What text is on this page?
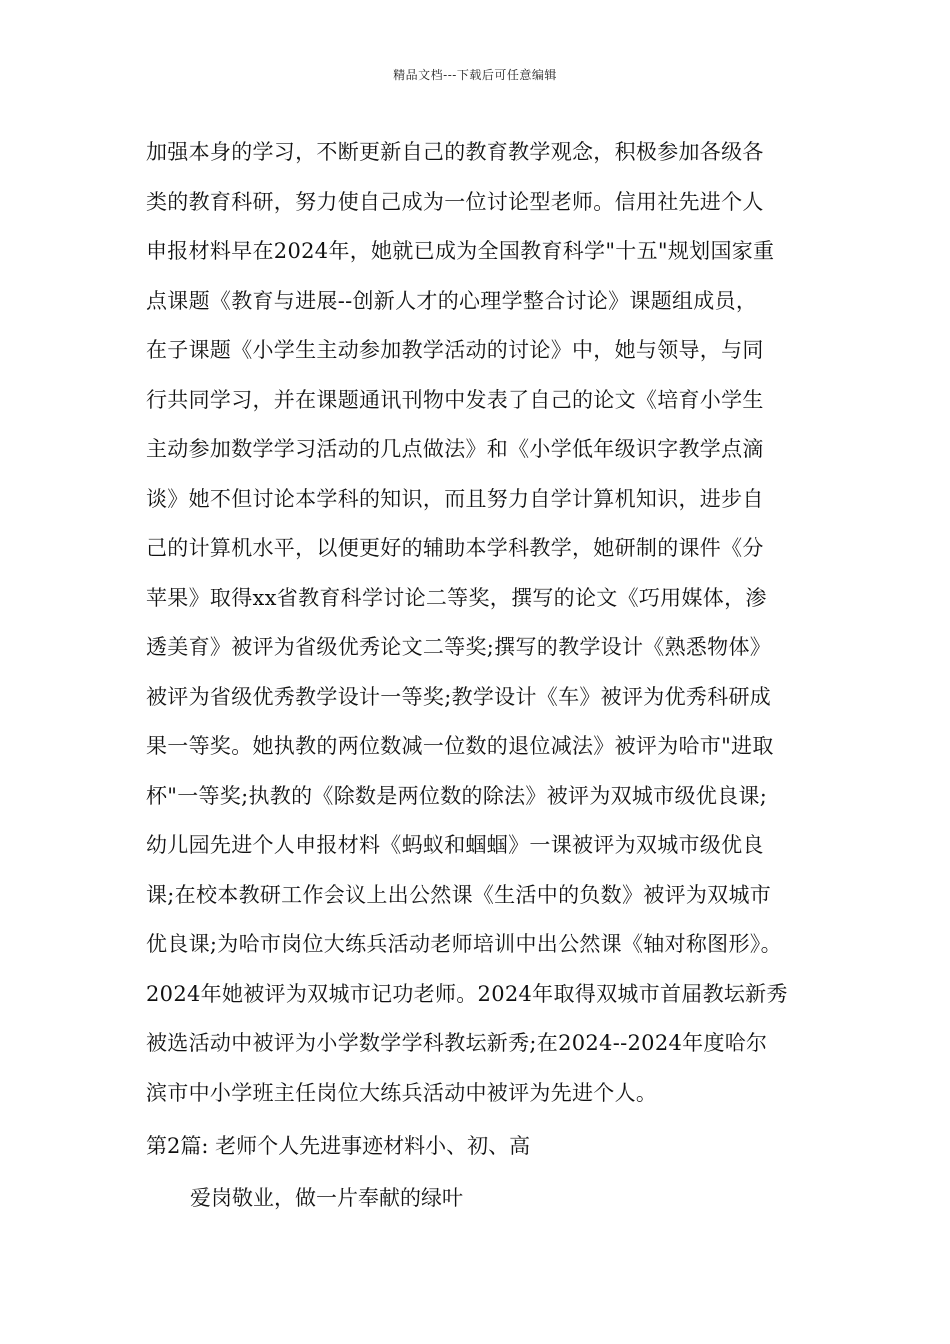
精品文档---下载后可任意编辑
加强本身的学习，不断更新自己的教育教学观念，积极参加各级各
类的教育科研，努力使自己成为一位讨论型老师。信用社先进个人
申报材料早在2024年，她就已成为全国教育科学"十五"规划国家重
点课题《教育与进展--创新人才的心理学整合讨论》课题组成员，
在子课题《小学生主动参加教学活动的讨论》中，她与领导，与同
行共同学习，并在课题通讯刊物中发表了自己的论文《培育小学生
主动参加数学学习活动的几点做法》和《小学低年级识字教学点滴
谈》她不但讨论本学科的知识，而且努力自学计算机知识，进步自
己的计算机水平，以便更好的辅助本学科教学，她研制的课件《分
苹果》取得xx省教育科学讨论二等奖，撰写的论文《巧用媒体，渗
透美育》被评为省级优秀论文二等奖;撰写的教学设计《熟悉物体》
被评为省级优秀教学设计一等奖;教学设计《车》被评为优秀科研成
果一等奖。她执教的两位数减一位数的退位减法》被评为哈市"进取
杯"一等奖;执教的《除数是两位数的除法》被评为双城市级优良课;
幼儿园先进个人申报材料《蚂蚁和蝈蝈》一课被评为双城市级优良
课;在校本教研工作会议上出公然课《生活中的负数》被评为双城市
优良课;为哈市岗位大练兵活动老师培训中出公然课《轴对称图形》。
2024年她被评为双城市记功老师。2024年取得双城市首届教坛新秀
被选活动中被评为小学数学学科教坛新秀;在2024--2024年度哈尔
滨市中小学班主任岗位大练兵活动中被评为先进个人。
第2篇: 老师个人先进事迹材料小、初、高
爱岗敬业，做一片奉献的绿叶
